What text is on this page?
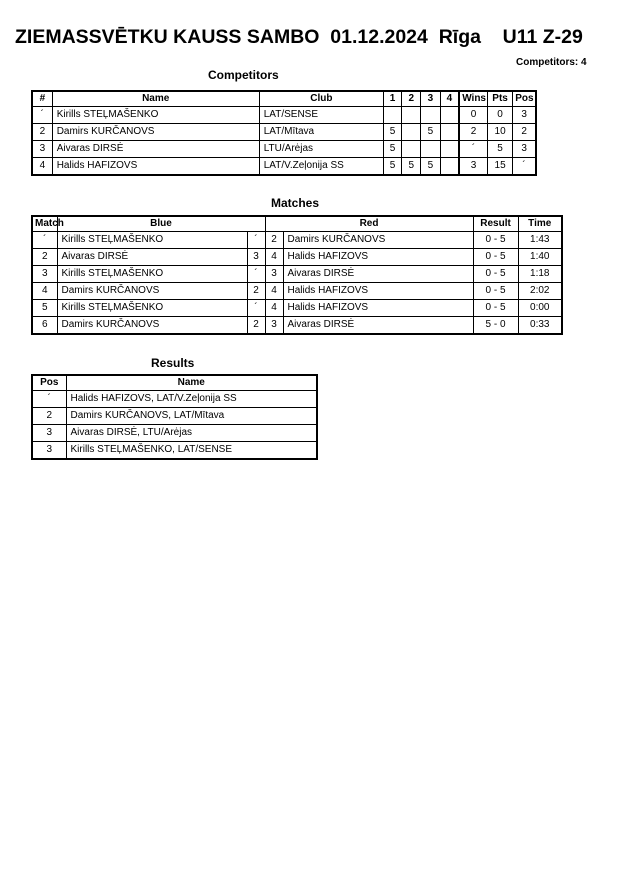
ZIEMASSVĒTKU KAUSS SAMBO  01.12.2024  Rīga    U11 Z-29
Competitors: 4
Competitors
#	Name	Club	1	2	3	4	Wins	Pts	Pos
´	Kirills STEĻMAŠENKO	LAT/SENSE					0	0	3
2	Damirs KURČANOVS	LAT/Mītava	5		5		2	10	2
3	Aivaras DIRSĖ	LTU/Arėjas	5				´	5	3
4	Halids HAFIZOVS	LAT/V.Zeļonija SS	5	5	5		3	15	´
Matches
Match	Blue		Red		Result	Time
´	Kirills STEĻMAŠENKO	´	2	Damirs KURČANOVS	0 - 5	1:43
2	Aivaras DIRSĖ	3	4	Halids HAFIZOVS	0 - 5	1:40
3	Kirills STEĻMAŠENKO	´	3	Aivaras DIRSĖ	0 - 5	1:18
4	Damirs KURČANOVS	2	4	Halids HAFIZOVS	0 - 5	2:02
5	Kirills STEĻMAŠENKO	´	4	Halids HAFIZOVS	0 - 5	0:00
6	Damirs KURČANOVS	2	3	Aivaras DIRSĖ	5 - 0	0:33
Results
Pos	Name
´	Halids HAFIZOVS, LAT/V.Zeļonija SS
2	Damirs KURČANOVS, LAT/Mītava
3	Aivaras DIRSĖ, LTU/Arėjas
3	Kirills STEĻMAŠENKO, LAT/SENSE
